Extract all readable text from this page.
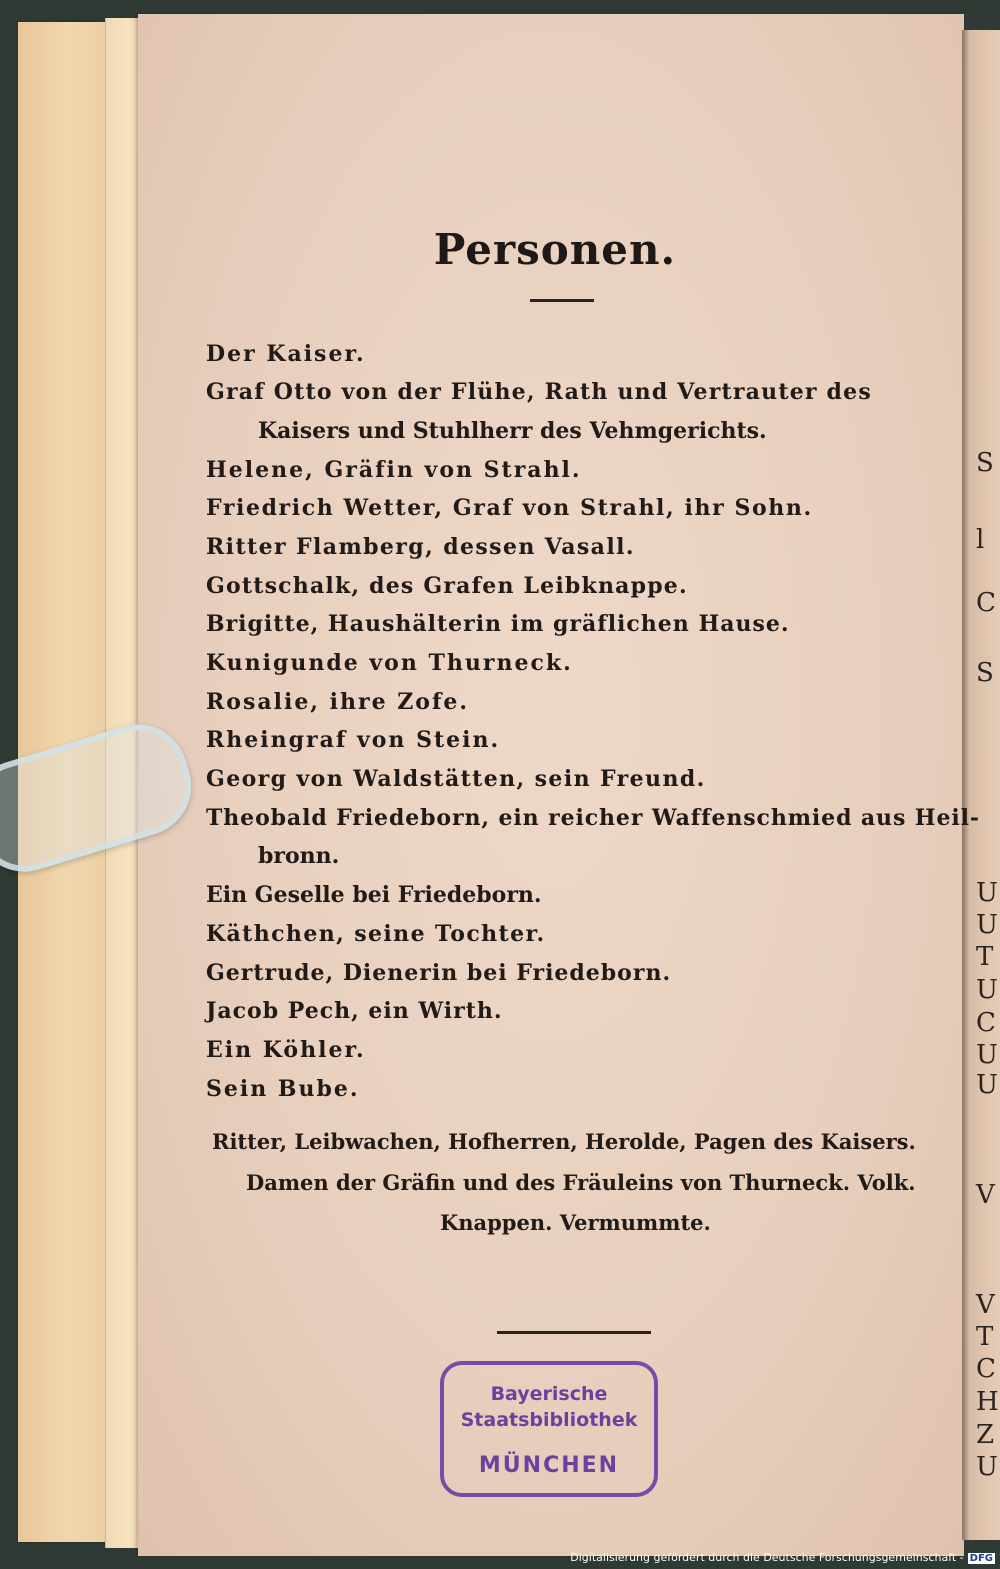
S
l
C
S
U
U
T
U
C
U
U
V
V
T
C
H
Z
U
Personen.
Der Kaiser.
Graf Otto von der Flühe, Rath und Vertrauter des
Kaisers und Stuhlherr des Vehmgerichts.
Helene, Gräfin von Strahl.
Friedrich Wetter, Graf von Strahl, ihr Sohn.
Ritter Flamberg, dessen Vasall.
Gottschalk, des Grafen Leibknappe.
Brigitte, Haushälterin im gräflichen Hause.
Kunigunde von Thurneck.
Rosalie, ihre Zofe.
Rheingraf von Stein.
Georg von Waldstätten, sein Freund.
Theobald Friedeborn, ein reicher Waffenschmied aus Heil-
bronn.
Ein Geselle bei Friedeborn.
Käthchen, seine Tochter.
Gertrude, Dienerin bei Friedeborn.
Jacob Pech, ein Wirth.
Ein Köhler.
Sein Bube.
Ritter, Leibwachen, Hofherren, Herolde, Pagen des Kaisers.
Damen der Gräfin und des Fräuleins von Thurneck. Volk.
Knappen. Vermummte.
Bayerische
Staatsbibliothek
MÜNCHEN
Digitalisierung gefördert durch die Deutsche Forschungsgemeinschaft - DFG
